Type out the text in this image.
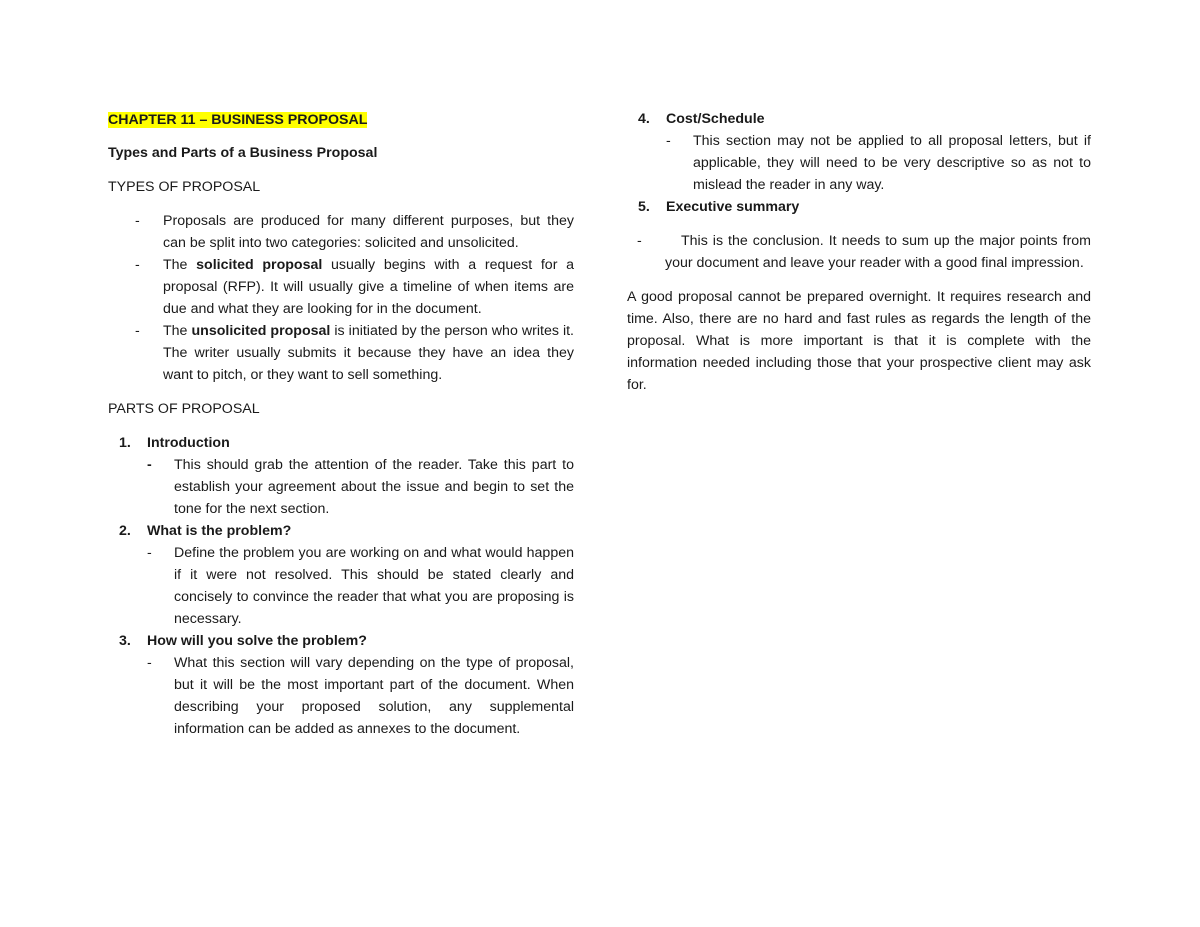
CHAPTER 11 – BUSINESS PROPOSAL

Types and Parts of a Business Proposal

TYPES OF PROPOSAL

- Proposals are produced for many different purposes, but they can be split into two categories: solicited and unsolicited.
- The solicited proposal usually begins with a request for a proposal (RFP). It will usually give a timeline of when items are due and what they are looking for in the document.
- The unsolicited proposal is initiated by the person who writes it. The writer usually submits it because they have an idea they want to pitch, or they want to sell something.

PARTS OF PROPOSAL

1. Introduction
- This should grab the attention of the reader. Take this part to establish your agreement about the issue and begin to set the tone for the next section.
2. What is the problem?
- Define the problem you are working on and what would happen if it were not resolved. This should be stated clearly and concisely to convince the reader that what you are proposing is necessary.
3. How will you solve the problem?
- What this section will vary depending on the type of proposal, but it will be the most important part of the document. When describing your proposed solution, any supplemental information can be added as annexes to the document.
4. Cost/Schedule
- This section may not be applied to all proposal letters, but if applicable, they will need to be very descriptive so as not to mislead the reader in any way.
5. Executive summary
-	This is the conclusion. It needs to sum up the major points from your document and leave your reader with a good final impression.

A good proposal cannot be prepared overnight. It requires research and time. Also, there are no hard and fast rules as regards the length of the proposal. What is more important is that it is complete with the information needed including those that your prospective client may ask for.
